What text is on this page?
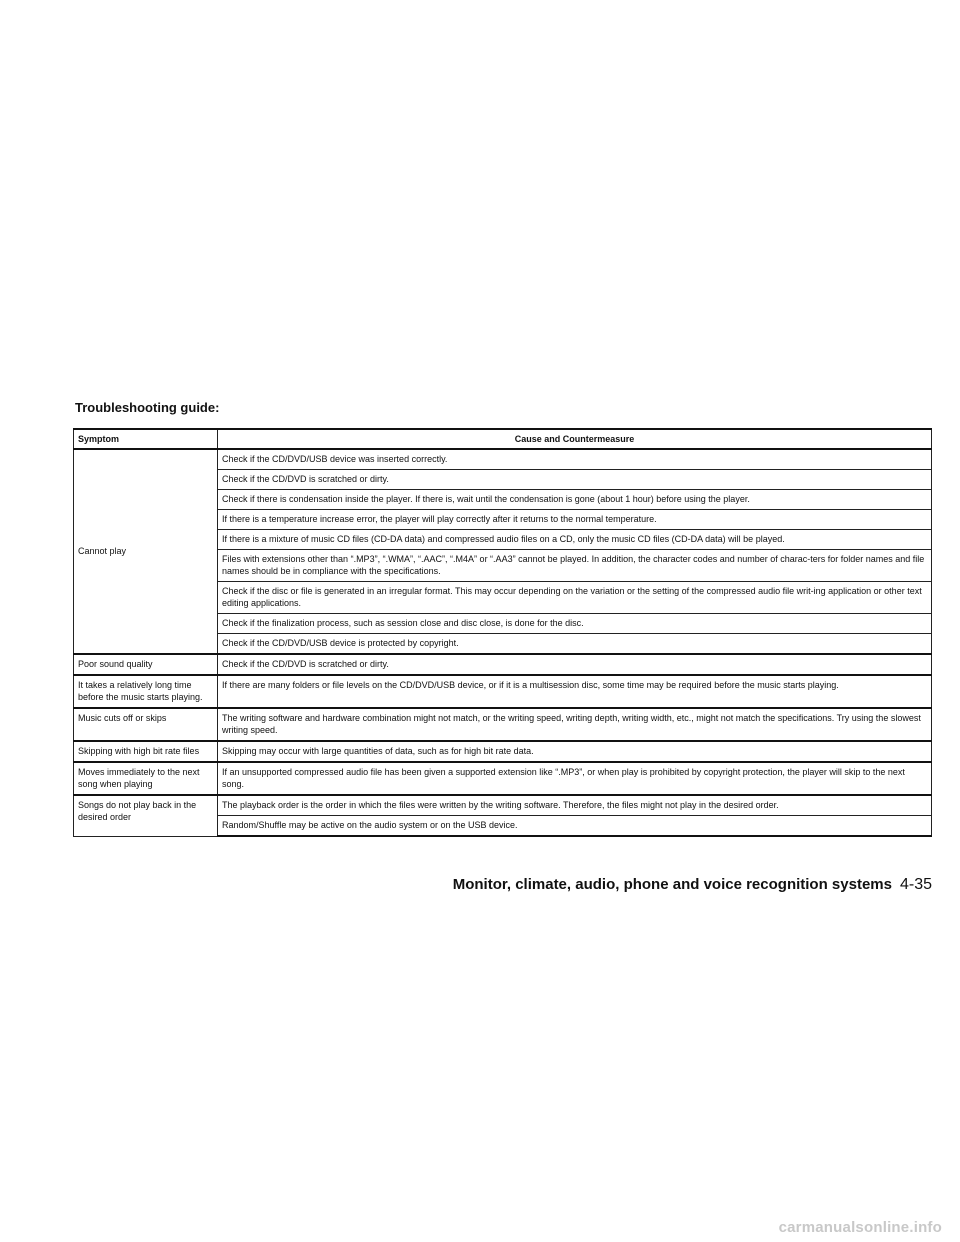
Troubleshooting guide:
Symptom	Cause and Countermeasure
Cannot play	Check if the CD/DVD/USB device was inserted correctly.
	Check if the CD/DVD is scratched or dirty.
	Check if there is condensation inside the player. If there is, wait until the condensation is gone (about 1 hour) before using the player.
	If there is a temperature increase error, the player will play correctly after it returns to the normal temperature.
	If there is a mixture of music CD files (CD-DA data) and compressed audio files on a CD, only the music CD files (CD-DA data) will be played.
	Files with extensions other than “.MP3”, “.WMA”, “.AAC”, “.M4A” or “.AA3” cannot be played. In addition, the character codes and number of charac-ters for folder names and file names should be in compliance with the specifications.
	Check if the disc or file is generated in an irregular format. This may occur depending on the variation or the setting of the compressed audio file writ-ing application or other text editing applications.
	Check if the finalization process, such as session close and disc close, is done for the disc.
	Check if the CD/DVD/USB device is protected by copyright.
Poor sound quality	Check if the CD/DVD is scratched or dirty.
It takes a relatively long time before the music starts playing.	If there are many folders or file levels on the CD/DVD/USB device, or if it is a multisession disc, some time may be required before the music starts playing.
Music cuts off or skips	The writing software and hardware combination might not match, or the writing speed, writing depth, writing width, etc., might not match the specifications. Try using the slowest writing speed.
Skipping with high bit rate files	Skipping may occur with large quantities of data, such as for high bit rate data.
Moves immediately to the next song when playing	If an unsupported compressed audio file has been given a supported extension like “.MP3”, or when play is prohibited by copyright protection, the player will skip to the next song.
Songs do not play back in the desired order	The playback order is the order in which the files were written by the writing software. Therefore, the files might not play in the desired order.
	Random/Shuffle may be active on the audio system or on the USB device.
Monitor, climate, audio, phone and voice recognition systems 4-35
carmanualsonline.info
